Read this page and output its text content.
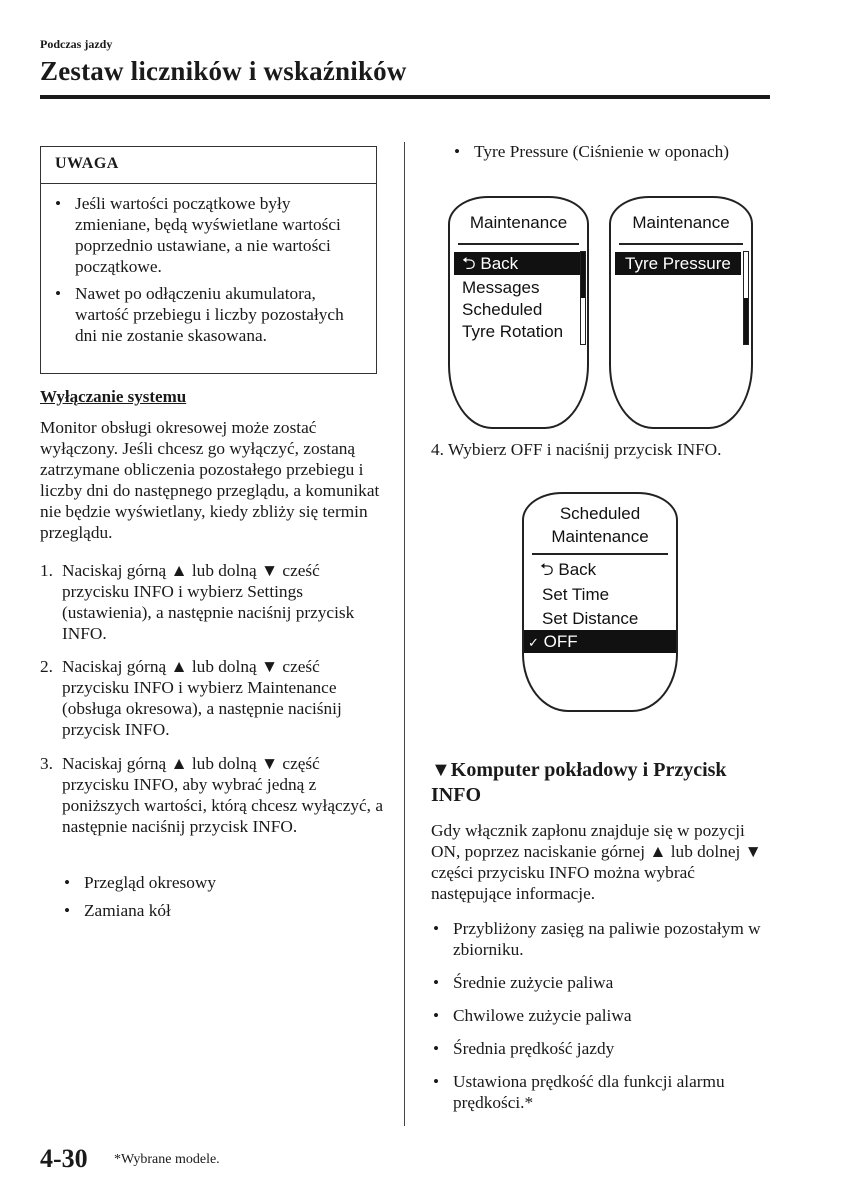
Podczas jazdy
Zestaw liczników i wskaźników
UWAGA
• Jeśli wartości początkowe były zmieniane, będą wyświetlane wartości poprzednio ustawiane, a nie wartości początkowe.
• Nawet po odłączeniu akumulatora, wartość przebiegu i liczby pozostałych dni nie zostanie skasowana.
Wyłączanie systemu
Monitor obsługi okresowej może zostać wyłączony. Jeśli chcesz go wyłączyć, zostaną zatrzymane obliczenia pozostałego przebiegu i liczby dni do następnego przeglądu, a komunikat nie będzie wyświetlany, kiedy zbliży się termin przeglądu.
1. Naciskaj górną ▲ lub dolną ▼ cześć przycisku INFO i wybierz Settings (ustawienia), a następnie naciśnij przycisk INFO.
2. Naciskaj górną ▲ lub dolną ▼ cześć przycisku INFO i wybierz Maintenance (obsługa okresowa), a następnie naciśnij przycisk INFO.
3. Naciskaj górną ▲ lub dolną ▼ część przycisku INFO, aby wybrać jedną z poniższych wartości, którą chcesz wyłączyć, a następnie naciśnij przycisk INFO.
• Przegląd okresowy
• Zamiana kół
• Tyre Pressure (Ciśnienie w oponach)
Maintenance
⮌ Back
Messages
Scheduled
Tyre Rotation
Maintenance
Tyre Pressure
4. Wybierz OFF i naciśnij przycisk INFO.
Scheduled
Maintenance
⮌ Back
Set Time
Set Distance
✓ OFF
▼Komputer pokładowy i Przycisk INFO
Gdy włącznik zapłonu znajduje się w pozycji ON, poprzez naciskanie górnej ▲ lub dolnej ▼ części przycisku INFO można wybrać następujące informacje.
• Przybliżony zasięg na paliwie pozostałym w zbiorniku.
• Średnie zużycie paliwa
• Chwilowe zużycie paliwa
• Średnia prędkość jazdy
• Ustawiona prędkość dla funkcji alarmu prędkości.*
4-30 *Wybrane modele.
